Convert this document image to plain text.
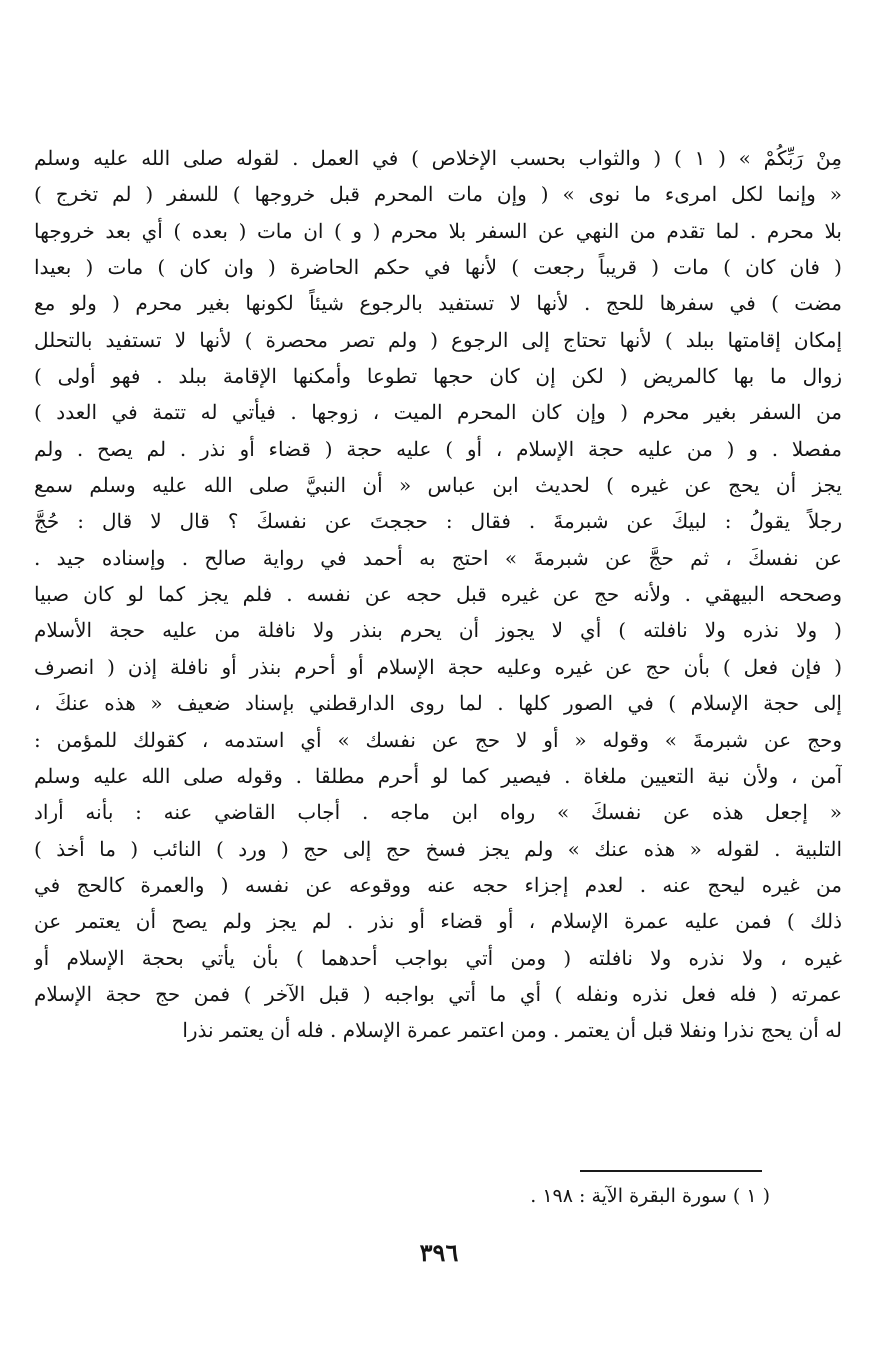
مِنْ رَبِّكُمْ » ( ١ ) ( والثواب بحسب الإخلاص ) في العمل . لقوله صلى الله عليه وسلم
« وإنما لكل امرىء ما نوى » ( وإن مات المحرم قبل خروجها ) للسفر ( لم تخرج )
بلا محرم . لما تقدم من النهي عن السفر بلا محرم ( و ) ان مات ( بعده ) أي بعد خروجها
( فان كان ) مات ( قريباً رجعت ) لأنها في حكم الحاضرة ( وان كان ) مات ( بعيدا
مضت ) في سفرها للحج . لأنها لا تستفيد بالرجوع شيئاً لكونها بغير محرم ( ولو مع
إمكان إقامتها ببلد ) لأنها تحتاج إلى الرجوع ( ولم تصر محصرة ) لأنها لا تستفيد بالتحلل
زوال ما بها كالمريض ( لكن إن كان حجها تطوعا وأمكنها الإقامة ببلد . فهو أولى )
من السفر بغير محرم ( وإن كان المحرم الميت ، زوجها . فيأتي له تتمة في العدد )
مفصلا . و ( من عليه حجة الإسلام ، أو ) عليه حجة ( قضاء أو نذر . لم يصح . ولم
يجز أن يحج عن غيره ) لحديث ابن عباس « أن النبيَّ صلى الله عليه وسلم سمع
رجلاً يقولُ : لبيكَ عن شبرمةَ . فقال : حججتَ عن نفسكَ ؟ قال لا قال : حُجَّ
عن نفسكَ ، ثم حجَّ عن شبرمةَ » احتج به أحمد في رواية صالح . وإسناده جيد .
وصححه البيهقي . ولأنه حج عن غيره قبل حجه عن نفسه . فلم يجز كما لو كان صبيا
( ولا نذره ولا نافلته ) أي لا يجوز أن يحرم بنذر ولا نافلة من عليه حجة الأسلام
( فإن فعل ) بأن حج عن غيره وعليه حجة الإسلام أو أحرم بنذر أو نافلة إذن ( انصرف
إلى حجة الإسلام ) في الصور كلها . لما روى الدارقطني بإسناد ضعيف « هذه عنكَ ،
وحج عن شبرمةَ » وقوله « أو لا حج عن نفسك » أي استدمه ، كقولك للمؤمن :
آمن ، ولأن نية التعيين ملغاة . فيصير كما لو أحرم مطلقا . وقوله صلى الله عليه وسلم
« إجعل هذه عن نفسكَ » رواه ابن ماجه . أجاب القاضي عنه : بأنه أراد
التلبية . لقوله « هذه عنك » ولم يجز فسخ حج إلى حج ( ورد ) النائب ( ما أخذ )
من غيره ليحج عنه . لعدم إجزاء حجه عنه ووقوعه عن نفسه ( والعمرة كالحج في
ذلك ) فمن عليه عمرة الإسلام ، أو قضاء أو نذر . لم يجز ولم يصح أن يعتمر عن
غيره ، ولا نذره ولا نافلته ( ومن أتي بواجب أحدهما ) بأن يأتي بحجة الإسلام أو
عمرته ( فله فعل نذره ونفله ) أي ما أتي بواجبه ( قبل الآخر ) فمن حج حجة الإسلام
له أن يحج نذرا ونفلا قبل أن يعتمر . ومن اعتمر عمرة الإسلام . فله أن يعتمر نذرا
( ١ ) سورة البقرة الآية : ١٩٨ .
٣٩٦
